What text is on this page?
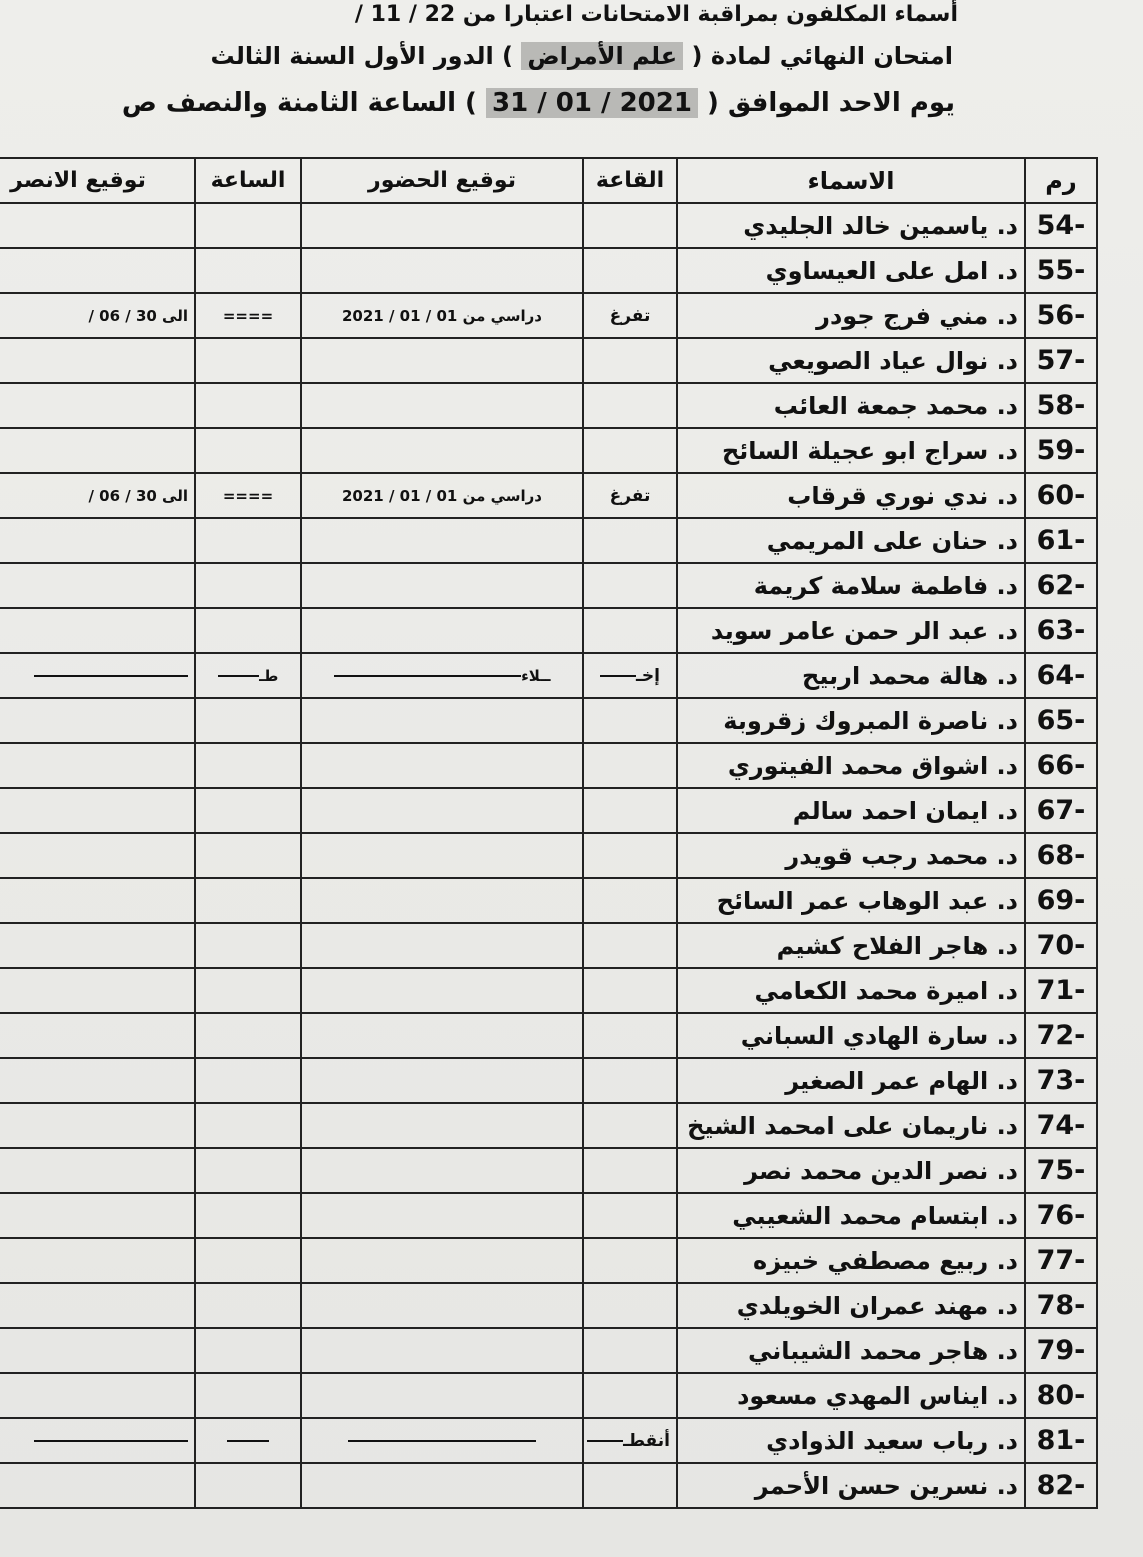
أسماء المكلفون بمراقبة الامتحانات اعتبارا من 22 / 11 /
امتحان النهائي لمادة ( علم الأمراض ) الدور الأول السنة الثالث
يوم الاحد الموافق ( 2021 / 01 / 31 ) الساعة الثامنة والنصف ص
رم	الاسماء	القاعة	توقيع الحضور	الساعة	توقيع الانصر
54-	د. ياسمين خالد الجليدي				
55-	د. امل على العيساوي				
56-	د. مني فرج جودر	تفرغ	دراسي من 01 / 01 / 2021	====	الى 30 / 06 /
57-	د. نوال عياد الصويعي				
58-	د. محمد جمعة العائب				
59-	د. سراج ابو عجيلة السائح				
60-	د. ندي نوري قرقاب	تفرغ	دراسي من 01 / 01 / 2021	====	الى 30 / 06 /
61-	د. حنان على المريمي				
62-	د. فاطمة سلامة كريمة				
63-	د. عبد الر حمن عامر سويد				
64-	د. هالة محمد اربيح	إخـ	ــلاء	طـ	
65-	د. ناصرة المبروك زقروبة				
66-	د. اشواق محمد الفيتوري				
67-	د. ايمان احمد سالم				
68-	د. محمد رجب قويدر				
69-	د. عبد الوهاب عمر السائح				
70-	د. هاجر الفلاح كشيم				
71-	د. اميرة محمد الكعامي				
72-	د. سارة الهادي السباني				
73-	د. الهام عمر الصغير				
74-	د. ناريمان على امحمد الشيخ				
75-	د. نصر الدين محمد نصر				
76-	د. ابتسام محمد الشعيبي				
77-	د. ربيع مصطفي خبيزه				
78-	د. مهند عمران الخويلدي				
79-	د. هاجر محمد الشيباني				
80-	د. ايناس المهدي مسعود				
81-	د. رباب سعيد الذوادي	أنقطـ			
82-	د. نسرين حسن الأحمر				
